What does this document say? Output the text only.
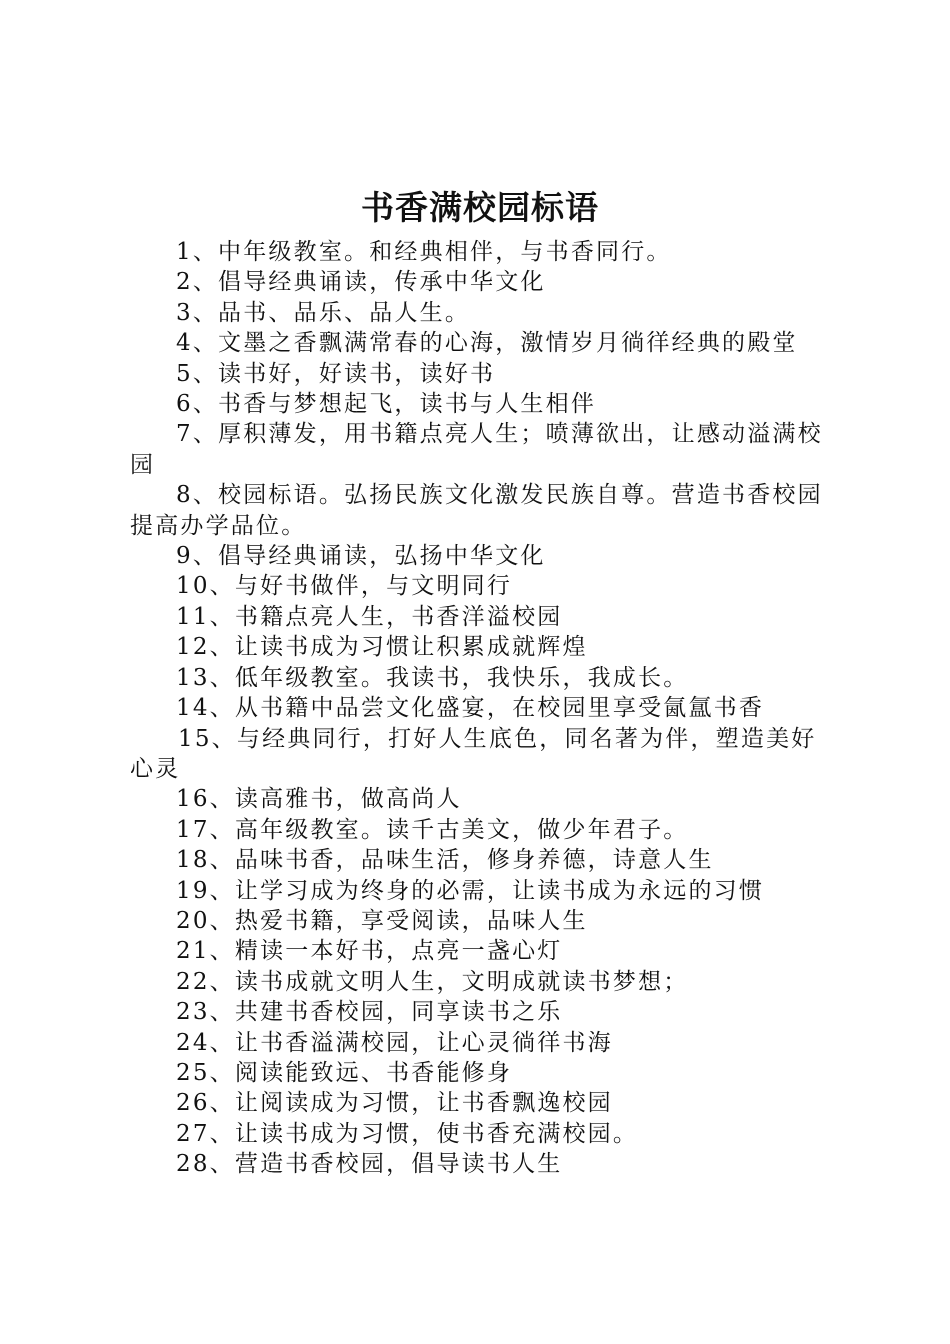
书香满校园标语

1、中年级教室。和经典相伴，与书香同行。

2、倡导经典诵读，传承中华文化

3、品书、品乐、品人生。

4、文墨之香飘满常春的心海，激情岁月徜徉经典的殿堂

5、读书好，好读书，读好书

6、书香与梦想起飞，读书与人生相伴

7、厚积薄发，用书籍点亮人生；喷薄欲出，让感动溢满校园

8、校园标语。弘扬民族文化激发民族自尊。营造书香校园提高办学品位。

9、倡导经典诵读，弘扬中华文化

10、与好书做伴，与文明同行

11、书籍点亮人生，书香洋溢校园

12、让读书成为习惯让积累成就辉煌

13、低年级教室。我读书，我快乐，我成长。

14、从书籍中品尝文化盛宴，在校园里享受氤氲书香

15、与经典同行，打好人生底色，同名著为伴，塑造美好心灵

16、读高雅书，做高尚人

17、高年级教室。读千古美文，做少年君子。

18、品味书香，品味生活，修身养德，诗意人生

19、让学习成为终身的必需，让读书成为永远的习惯

20、热爱书籍，享受阅读，品味人生

21、精读一本好书，点亮一盏心灯

22、读书成就文明人生，文明成就读书梦想；

23、共建书香校园，同享读书之乐

24、让书香溢满校园，让心灵徜徉书海

25、阅读能致远、书香能修身

26、让阅读成为习惯，让书香飘逸校园

27、让读书成为习惯，使书香充满校园。

28、营造书香校园，倡导读书人生
